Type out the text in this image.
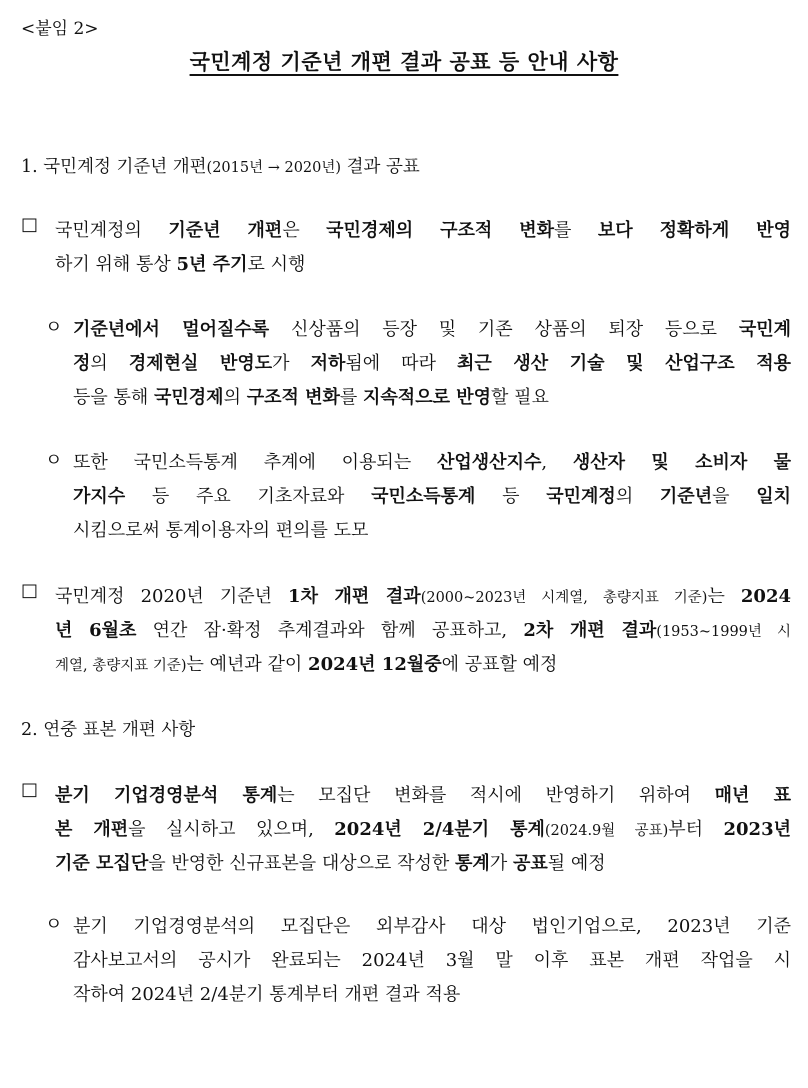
<붙임 2>
국민계정 기준년 개편 결과 공표 등 안내 사항
1. 국민계정 기준년 개편(2015년 → 2020년) 결과 공표
□ 국민계정의 기준년 개편은 국민경제의 구조적 변화를 보다 정확하게 반영
하기 위해 통상 5년 주기로 시행
ㅇ 기준년에서 멀어질수록 신상품의 등장 및 기존 상품의 퇴장 등으로 국민계
정의 경제현실 반영도가 저하됨에 따라 최근 생산 기술 및 산업구조 적용
등을 통해 국민경제의 구조적 변화를 지속적으로 반영할 필요
ㅇ 또한 국민소득통계 추계에 이용되는 산업생산지수, 생산자 및 소비자 물
가지수 등 주요 기초자료와 국민소득통계 등 국민계정의 기준년을 일치
시킴으로써 통계이용자의 편의를 도모
□ 국민계정 2020년 기준년 1차 개편 결과(2000~2023년 시계열, 총량지표 기준)는 2024
년 6월초 연간 잠·확정 추계결과와 함께 공표하고, 2차 개편 결과(1953~1999년 시
계열, 총량지표 기준)는 예년과 같이 2024년 12월중에 공표할 예정
2. 연중 표본 개편 사항
□ 분기 기업경영분석 통계는 모집단 변화를 적시에 반영하기 위하여 매년 표
본 개편을 실시하고 있으며, 2024년 2/4분기 통계(2024.9월 공표)부터 2023년
기준 모집단을 반영한 신규표본을 대상으로 작성한 통계가 공표될 예정
ㅇ 분기 기업경영분석의 모집단은 외부감사 대상 법인기업으로, 2023년 기준
감사보고서의 공시가 완료되는 2024년 3월 말 이후 표본 개편 작업을 시
작하여 2024년 2/4분기 통계부터 개편 결과 적용
